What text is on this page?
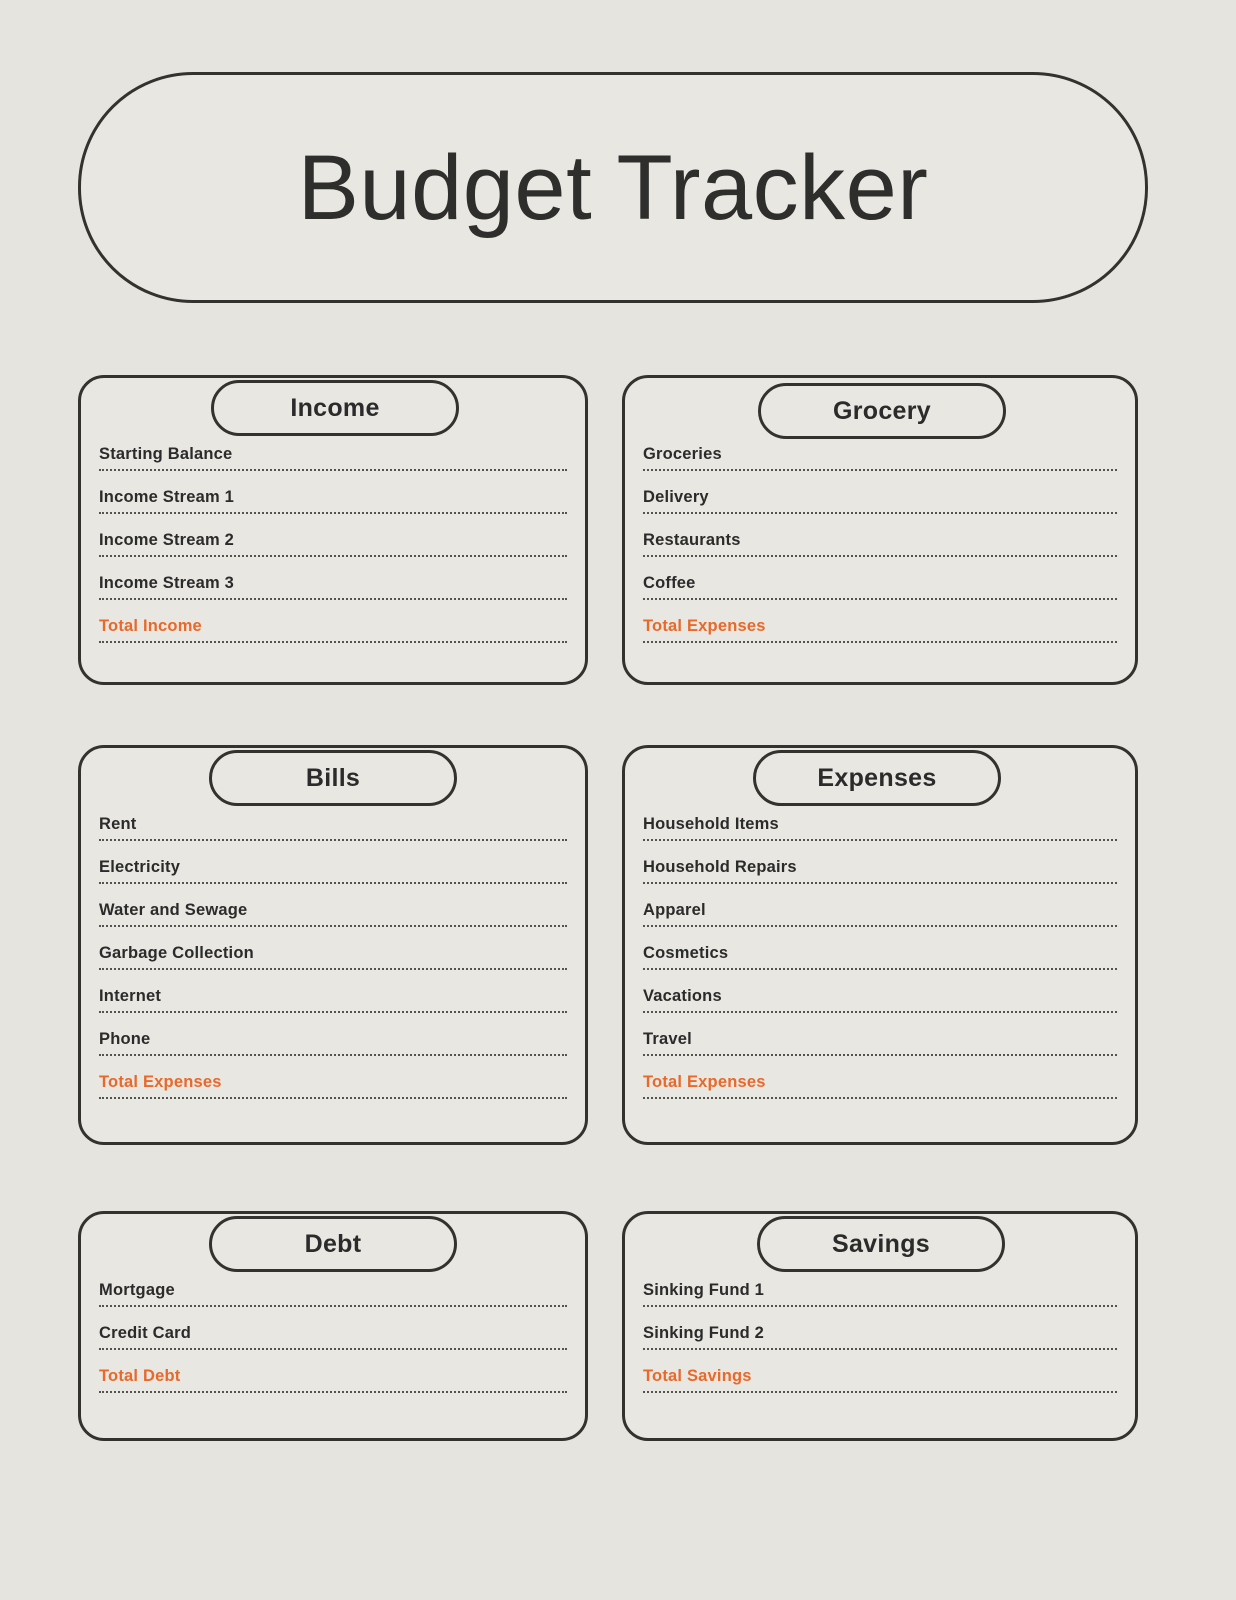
Budget Tracker
Income
Starting Balance
Income Stream 1
Income Stream 2
Income Stream 3
Total Income
Bills
Rent
Electricity
Water and Sewage
Garbage Collection
Internet
Phone
Total Expenses
Debt
Mortgage
Credit Card
Total Debt
Grocery
Groceries
Delivery
Restaurants
Coffee
Total Expenses
Expenses
Household Items
Household Repairs
Apparel
Cosmetics
Vacations
Travel
Total Expenses
Savings
Sinking Fund 1
Sinking Fund 2
Total Savings
